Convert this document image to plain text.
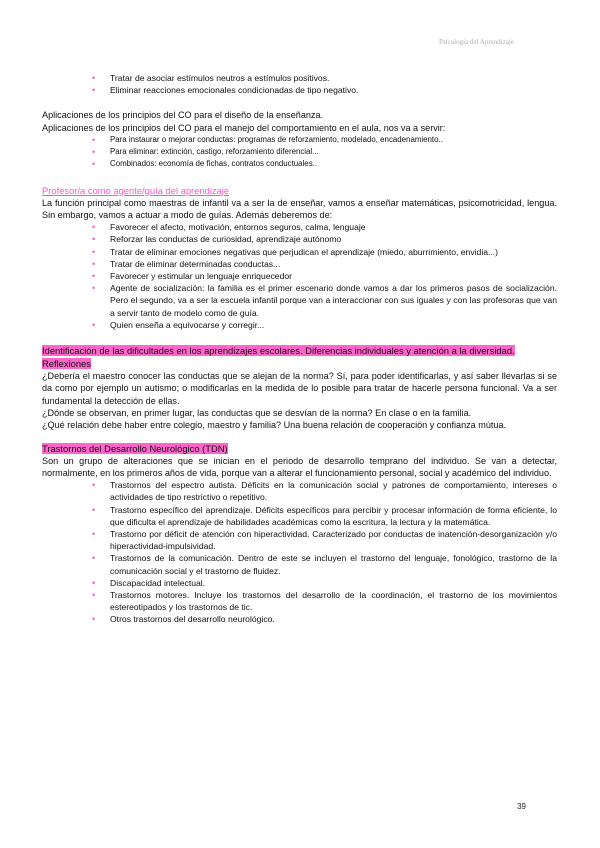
Psicología del Aprendizaje
• Tratar de asociar estímulos neutros a estímulos positivos.
• Eliminar reacciones emocionales condicionadas de tipo negativo.

Aplicaciones de los principios del CO para el diseño de la enseñanza.

Aplicaciones de los principios del CO para el manejo del comportamiento en el aula, nos va a servir:

• Para instaurar o mejorar conductas: programas de reforzamiento, modelado, encadenamiento..
• Para eliminar: extinción, castigo, reforzamiento diferencial...
• Combinados: economía de fichas, contratos conductuales..
Profesor/a como agente/guía del aprendizaje

La función principal como maestras de infantil va a ser la de enseñar, vamos a enseñar matemáticas, psicomotricidad, lengua. Sin embargo, vamos a actuar a modo de guías. Además deberemos de:

• Favorecer el afecto, motivación, entornos seguros, calma, lenguaje
• Reforzar las conductas de curiosidad, aprendizaje autónomo
• Tratar de eliminar emociones negativas que perjudican el aprendizaje (miedo, aburrimiento, envidia...)
• Tratar de eliminar determinadas conductas...
• Favorecer y estimular un lenguaje enriquecedor
• Agente de socialización: la familia es el primer escenario donde vamos a dar los primeros pasos de socialización. Pero el segundo, va a ser la escuela infantil porque van a interaccionar con sus iguales y con las profesoras que van a servir tanto de modelo como de guía.
• Quien enseña a equivocarse y corregir...
Identificación de las dificultades en los aprendizajes escolares. Diferencias individuales y atención a la diversidad.
Reflexiones

¿Debería el maestro conocer las conductas que se alejan de la norma? Sí, para poder identificarlas, y así saber llevarlas si se da como por ejemplo un autismo; o modificarlas en la medida de lo posible para tratar de hacerle persona funcional. Va a ser fundamental la detección de ellas.

¿Dónde se observan, en primer lugar, las conductas que se desvían de la norma? En clase o en la familia.

¿Qué relación debe haber entre colegio, maestro y familia? Una buena relación de cooperación y confianza mútua.

Trastornos del Desarrollo Neurológico (TDN)

Son un grupo de alteraciones que se inician en el periodo de desarrollo temprano del individuo. Se van a detectar, normalmente, en los primeros años de vida, porque van a alterar el funcionamiento personal, social y académico del individuo.

• Trastornos del espectro autista. Déficits en la comunicación social y patrones de comportamiento, intereses o actividades de tipo restrictivo o repetitivo.
• Trastorno específico del aprendizaje. Déficits específicos para percibir y procesar información de forma eficiente, lo que dificulta el aprendizaje de habilidades académicas como la escritura, la lectura y la matemática.
• Trastorno por déficit de atención con hiperactividad. Caracterizado por conductas de inatención-desorganización y/o hiperactividad-impulsividad.
• Trastornos de la comunicación. Dentro de este se incluyen el trastorno del lenguaje, fonológico, trastorno de la comunicación social y el trastorno de fluidez.
• Discapacidad intelectual.
• Trastornos motores. Incluye los trastornos del desarrollo de la coordinación, el trastorno de los movimientos estereotipados y los trastornos de tic.
• Otros trastornos del desarrollo neurológico.
39
